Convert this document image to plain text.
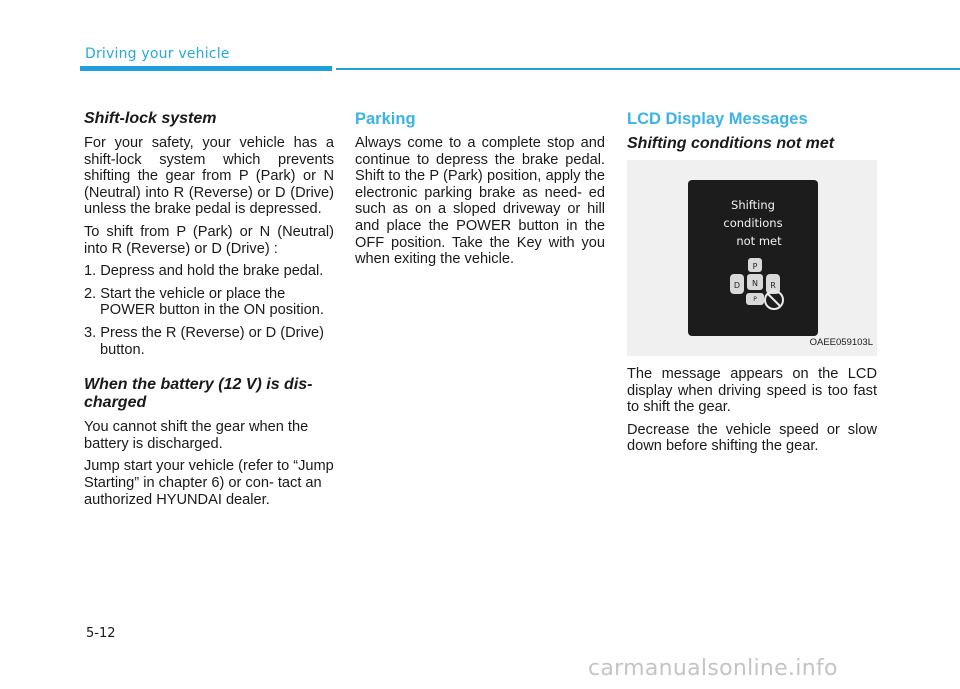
Driving your vehicle
Shift-lock system

For your safety, your vehicle has a shift-lock system which prevents shifting the gear from P (Park) or N (Neutral) into R (Reverse) or D (Drive) unless the brake pedal is depressed.

To shift from P (Park) or N (Neutral) into R (Reverse) or D (Drive) :

1. Depress and hold the brake pedal.
2. Start the vehicle or place the POWER button in the ON position.
3. Press the R (Reverse) or D (Drive) button.
When the battery (12 V) is dis- charged

You cannot shift the gear when the battery is discharged.

Jump start your vehicle (refer to “Jump Starting” in chapter 6) or con- tact an authorized HYUNDAI dealer.

Parking

Always come to a complete stop and continue to depress the brake pedal. Shift to the P (Park) position, apply the electronic parking brake as need- ed such as on a sloped driveway or hill and place the POWER button in the OFF position. Take the Key with you when exiting the vehicle.

LCD Display Messages
Shifting conditions not met
Shifting
conditions
not met
P
D N R
P
OAEE059103L

The message appears on the LCD display when driving speed is too fast to shift the gear.

Decrease the vehicle speed or slow down before shifting the gear.

5-12
carmanualsonline.info
